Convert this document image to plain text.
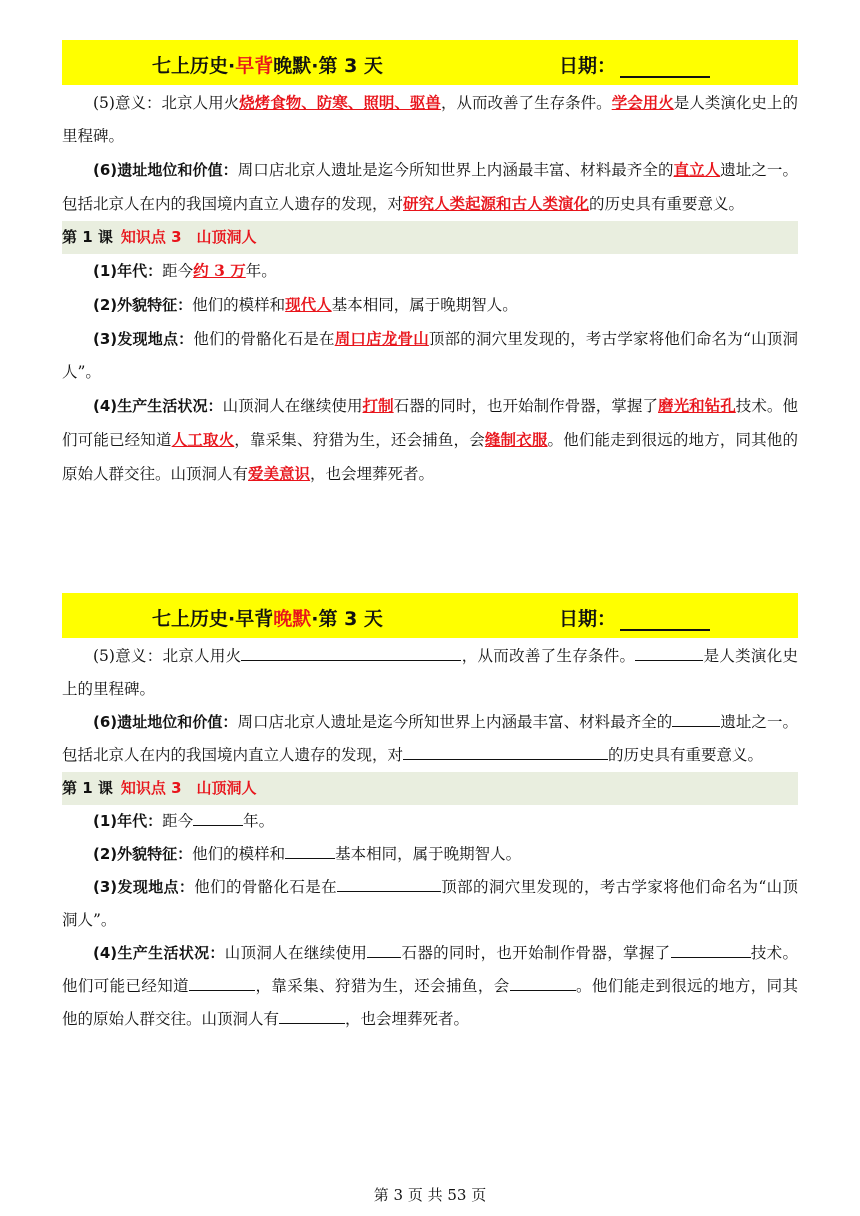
七上历史·早背晚默·第 3 天	日期：

(5)意义：北京人用火烧烤食物、防寒、照明、驱兽，从而改善了生存条件。学会用火是人类演化史上的里程碑。

(6)遗址地位和价值：周口店北京人遗址是迄今所知世界上内涵最丰富、材料最齐全的直立人遗址之一。包括北京人在内的我国境内直立人遗存的发现，对研究人类起源和古人类演化的历史具有重要意义。

第 1 课 知识点 3　山顶洞人

(1)年代：距今约 3 万年。

(2)外貌特征：他们的模样和现代人基本相同，属于晚期智人。

(3)发现地点：他们的骨骼化石是在周口店龙骨山顶部的洞穴里发现的，考古学家将他们命名为“山顶洞人”。

(4)生产生活状况：山顶洞人在继续使用打制石器的同时，也开始制作骨器，掌握了磨光和钻孔技术。他们可能已经知道人工取火，靠采集、狩猎为生，还会捕鱼，会缝制衣服。他们能走到很远的地方，同其他的原始人群交往。山顶洞人有爱美意识，也会埋葬死者。

七上历史·早背晚默·第 3 天	日期：

(5)意义：北京人用火	，从而改善了生存条件。	是人类演化史上的里程碑。

(6)遗址地位和价值：周口店北京人遗址是迄今所知世界上内涵最丰富、材料最齐全的	遗址之一。包括北京人在内的我国境内直立人遗存的发现，对	的历史具有重要意义。

第 1 课 知识点 3　山顶洞人

(1)年代：距今	年。

(2)外貌特征：他们的模样和	基本相同，属于晚期智人。

(3)发现地点：他们的骨骼化石是在	顶部的洞穴里发现的，考古学家将他们命名为“山顶洞人”。

(4)生产生活状况：山顶洞人在继续使用 石器的同时，也开始制作骨器，掌握了	技术。他们可能已经知道	，靠采集、狩猎为生，还会捕鱼，会	。他们能走到很远的地方，同其他的原始人群交往。山顶洞人有	，也会埋葬死者。

第 3 页 共 53 页
